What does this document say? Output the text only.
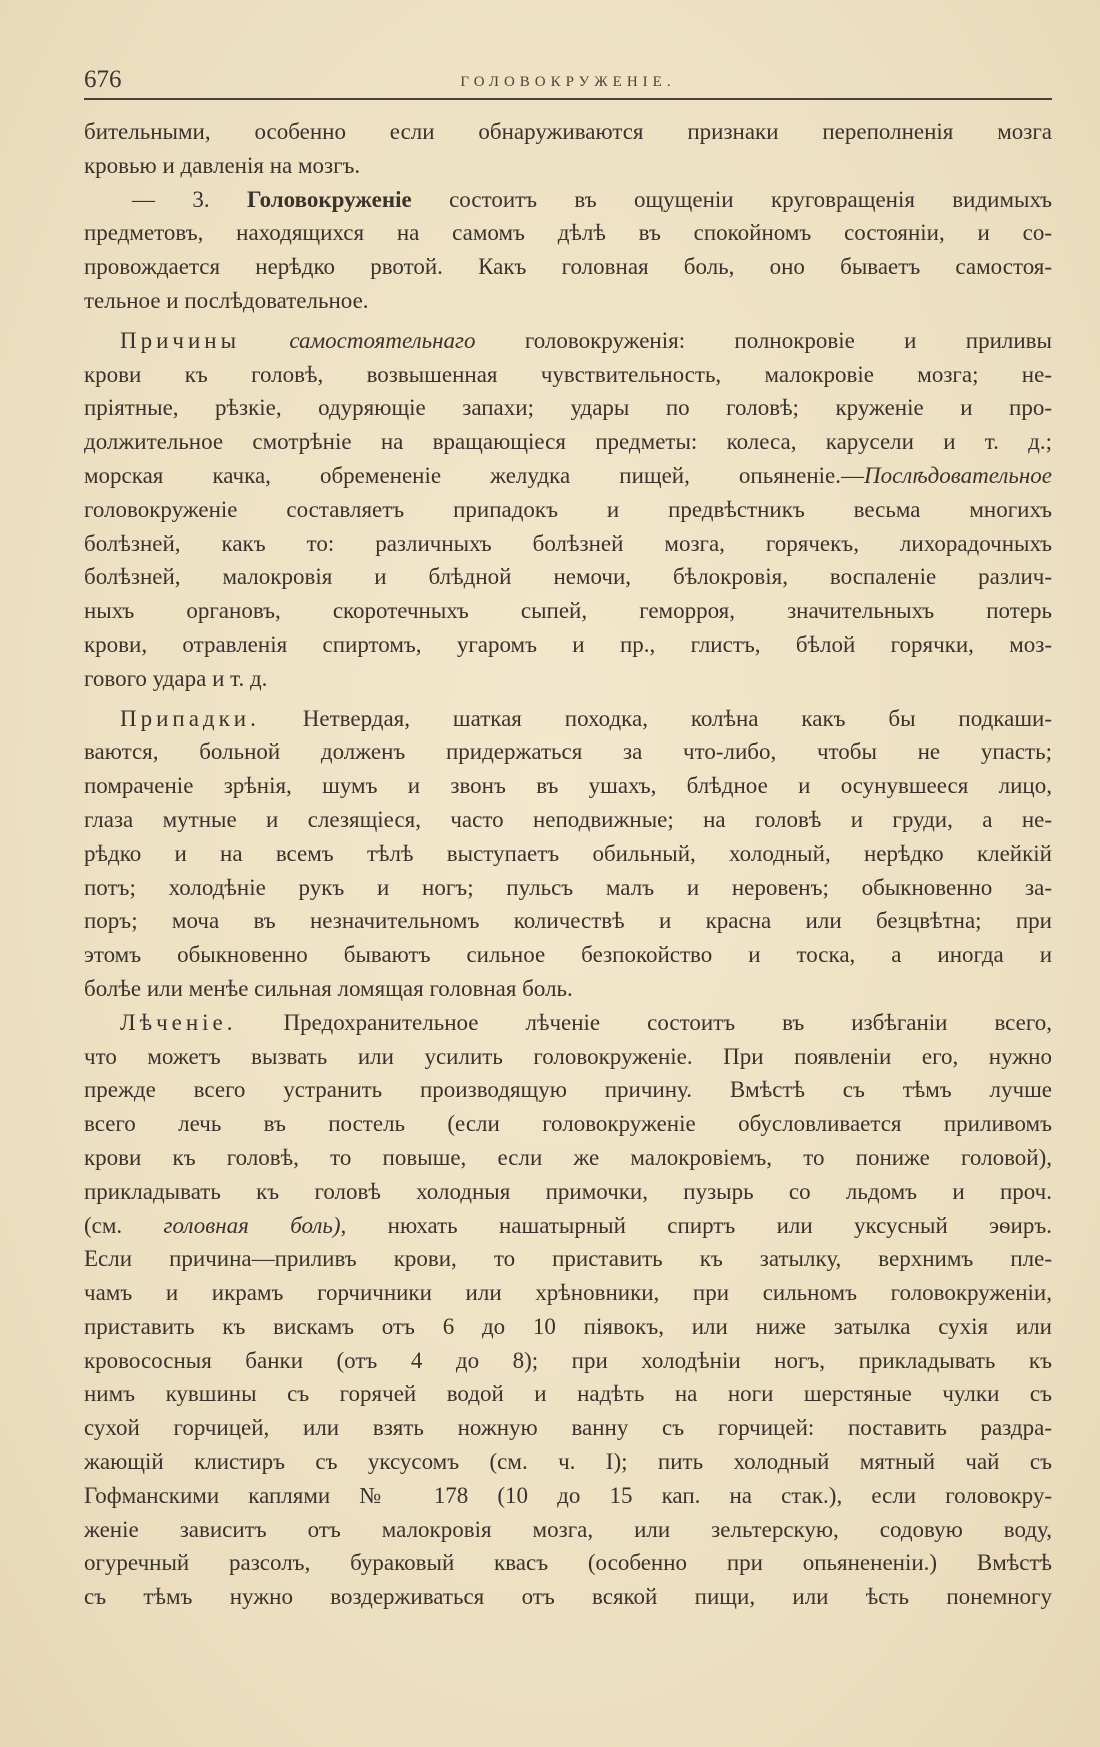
676	ГОЛОВОКРУЖЕНІЕ.
бительными, особенно если обнаруживаются признаки переполненія мозга
кровью и давленія на мозгъ.
— 3. Головокруженіе состоитъ въ ощущеніи круговращенія видимыхъ
предметовъ, находящихся на самомъ дѣлѣ въ спокойномъ состояніи, и со-
провождается нерѣдко рвотой. Какъ головная боль, оно бываетъ самостоя-
тельное и послѣдовательное.
Причины самостоятельнаго головокруженія: полнокровіе и приливы
крови къ головѣ, возвышенная чувствительность, малокровіе мозга; не-
пріятные, рѣзкіе, одуряющіе запахи; удары по головѣ; круженіе и про-
должительное смотрѣніе на вращающіеся предметы: колеса, карусели и т. д.;
морская качка, обремененіе желудка пищей, опьяненіе.—Послѣдовательное
головокруженіе составляетъ припадокъ и предвѣстникъ весьма многихъ
болѣзней, какъ то: различныхъ болѣзней мозга, горячекъ, лихорадочныхъ
болѣзней, малокровія и блѣдной немочи, бѣлокровія, воспаленіе различ-
ныхъ органовъ, скоротечныхъ сыпей, геморроя, значительныхъ потерь
крови, отравленія спиртомъ, угаромъ и пр., глистъ, бѣлой горячки, моз-
гового удара и т. д.
Припадки. Нетвердая, шаткая походка, колѣна какъ бы подкаши-
ваются, больной долженъ придержаться за что-либо, чтобы не упасть;
помраченіе зрѣнія, шумъ и звонъ въ ушахъ, блѣдное и осунувшееся лицо,
глаза мутные и слезящіеся, часто неподвижные; на головѣ и груди, а не-
рѣдко и на всемъ тѣлѣ выступаетъ обильный, холодный, нерѣдко клейкій
потъ; холодѣніе рукъ и ногъ; пульсъ малъ и неровенъ; обыкновенно за-
поръ; моча въ незначительномъ количествѣ и красна или безцвѣтна; при
этомъ обыкновенно бываютъ сильное безпокойство и тоска, а иногда и
болѣе или менѣе сильная ломящая головная боль.
Лѣченіе. Предохранительное лѣченіе состоитъ въ избѣганіи всего,
что можетъ вызвать или усилить головокруженіе. При появленіи его, нужно
прежде всего устранить производящую причину. Вмѣстѣ съ тѣмъ лучше
всего лечь въ постель (если головокруженіе обусловливается приливомъ
крови къ головѣ, то повыше, если же малокровіемъ, то пониже головой),
прикладывать къ головѣ холодныя примочки, пузырь со льдомъ и проч.
(см. головная боль), нюхать нашатырный спиртъ или уксусный эѳиръ.
Если причина—приливъ крови, то приставить къ затылку, верхнимъ пле-
чамъ и икрамъ горчичники или хрѣновники, при сильномъ головокруженіи,
приставить къ вискамъ отъ 6 до 10 піявокъ, или ниже затылка сухія или
кровососныя банки (отъ 4 до 8); при холодѣніи ногъ, прикладывать къ
нимъ кувшины съ горячей водой и надѣть на ноги шерстяные чулки съ
сухой горчицей, или взять ножную ванну съ горчицей: поставить раздра-
жающій клистиръ съ уксусомъ (см. ч. I); пить холодный мятный чай съ
Гофманскими каплями № 178 (10 до 15 кап. на стак.), если головокру-
женіе зависитъ отъ малокровія мозга, или зельтерскую, содовую воду,
огуречный разсолъ, бураковый квасъ (особенно при опьянененіи.) Вмѣстѣ
съ тѣмъ нужно воздерживаться отъ всякой пищи, или ѣсть понемногу
